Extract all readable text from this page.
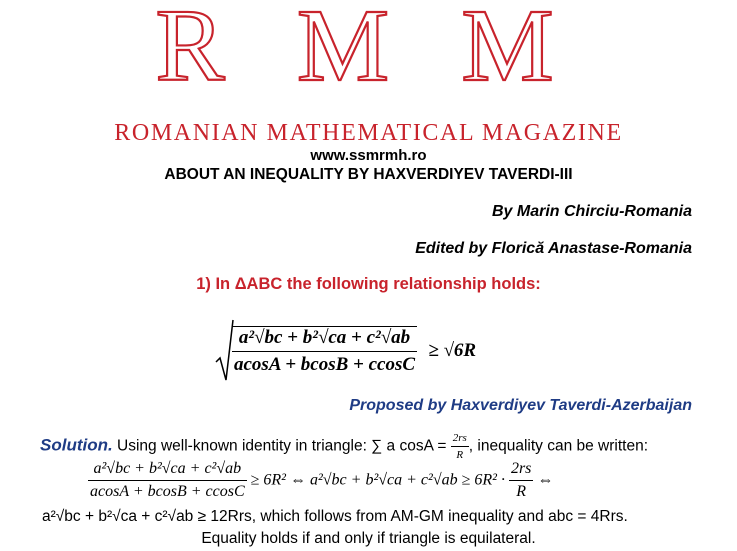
R M M
ROMANIAN MATHEMATICAL MAGAZINE
www.ssmrmh.ro
ABOUT AN INEQUALITY BY HAXVERDIYEV TAVERDI-III
By Marin Chirciu-Romania
Edited by Florică Anastase-Romania
1) In ΔABC the following relationship holds:
$\frac{\text{a²√bc + b²√ca + c²√ab}}{acosA + bcosB + ccosC} \ge √6R$
Proposed by Haxverdiyev Taverdi-Azerbaijan
Solution. Using well-known identity in triangle: ∑ a $\cos A = \frac{2rs}{R}$ , inequality can be written:
$\frac{\text{a²√bc + b²√ca + c²√ab}}{acosA + bcosB + ccosC} \ge 6R^2$ ⇔ $a^2√bc + b^2√ca + c^2√ab \ge 6R^2 \cdot \frac{2rs}{R}$ ⇔
a²√bc + b²√ca + c²√ab ≥ 12Rrs, which follows from AM-GM inequality and abc = 4Rrs.
Equality holds if and only if triangle is equilateral.
